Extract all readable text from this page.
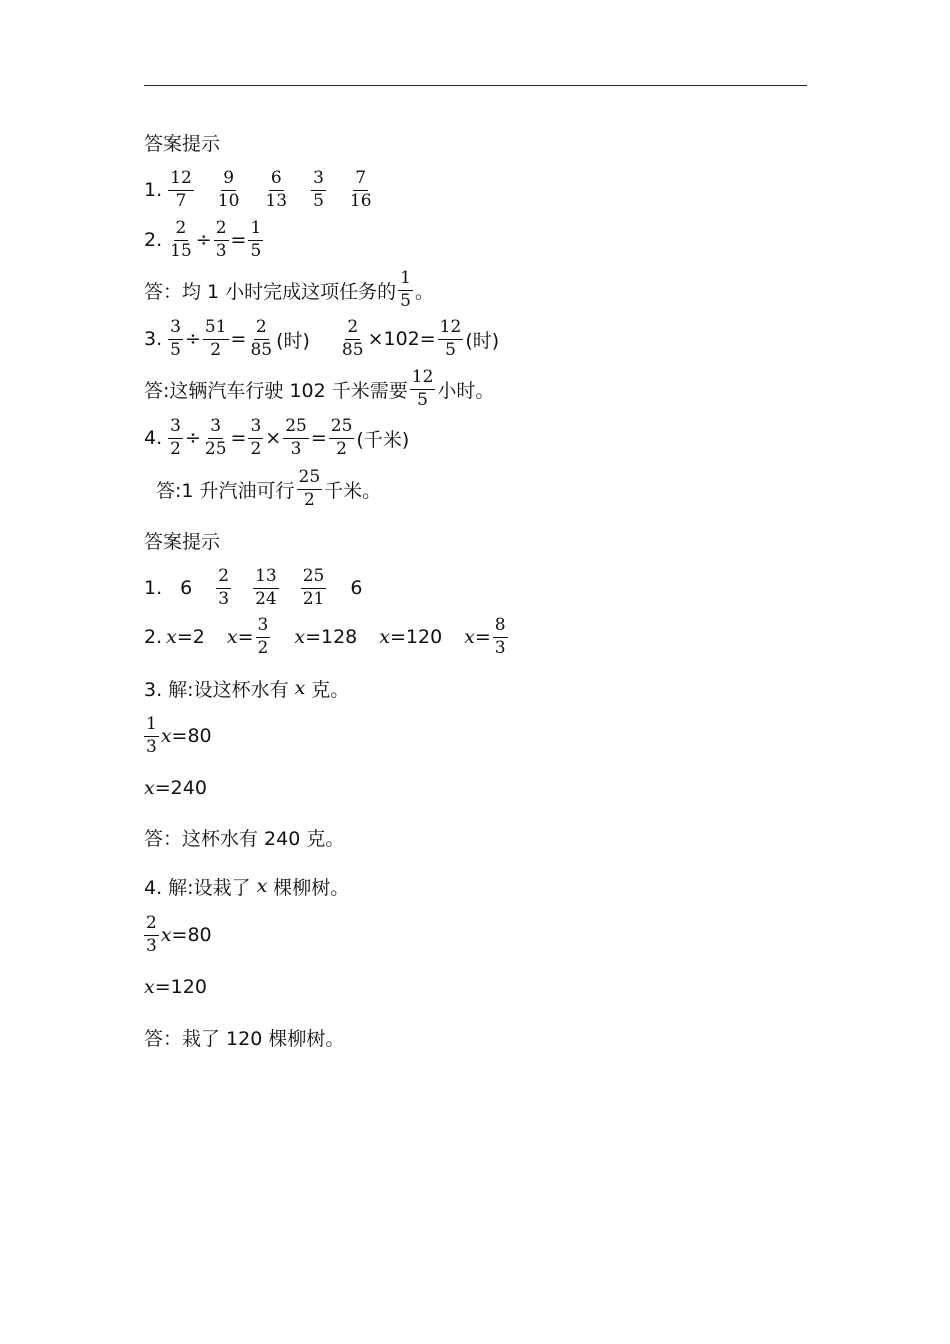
答案提示
1. $\frac{12}{7} \frac{9}{10} \frac{6}{13} \frac{3}{5} \frac{7}{16}$
2. $\frac{2}{15} \div \frac{2}{3} = \frac{1}{5}$
答：均 1 小时完成这项任务的 $\frac{1}{5}$ 。
3. $\frac{3}{5} \div \frac{51}{2} = \frac{2}{85}$ (时) $\frac{2}{85} \times 102= \frac{12}{5}$ (时)
答:这辆汽车行驶 102 千米需要 $\frac{12}{5}$ 小时。
4. $\frac{3}{2} \div \frac{3}{25} = \frac{3}{2} \times \frac{25}{3} = \frac{25}{2}$ (千米)
答:1 升汽油可行 $\frac{25}{2}$ 千米。
答案提示
1. $6 \frac{2}{3} \frac{13}{24} \frac{25}{21} 6$
2. x =2 $x = \frac{3}{2}$ x =128 x =120 $x = \frac{8}{3}$
3. 解:设这杯水有 x 克。
$\frac{1}{3}$ x =80
x =240
答：这杯水有 240 克。
4. 解:设栽了 x 棵柳树。
$\frac{2}{3}$ x =80
x =120
答：栽了 120 棵柳树。
